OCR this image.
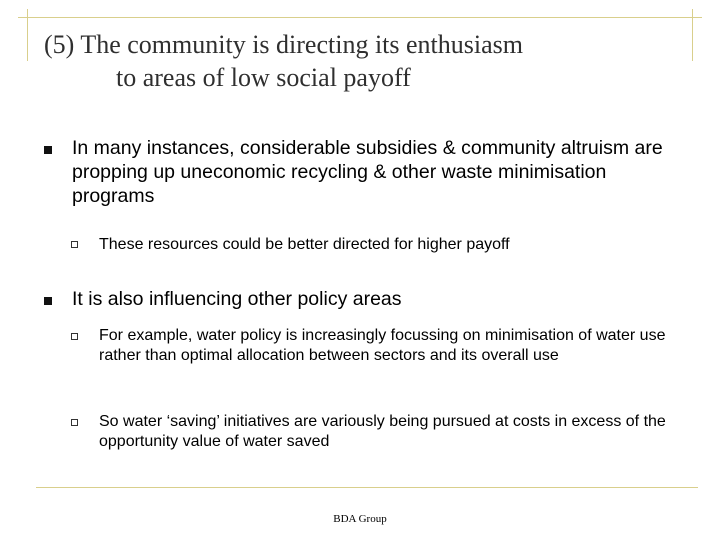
(5) The community is directing its enthusiasm
to areas of low social payoff

In many instances, considerable subsidies & community altruism are propping up uneconomic recycling & other waste minimisation programs

These resources could be better directed for higher payoff

It is also influencing other policy areas

For example, water policy is increasingly focussing on minimisation of water use rather than optimal allocation between sectors and its overall use

So water ‘saving’ initiatives are variously being pursued at costs in excess of the opportunity value of water saved

BDA Group
